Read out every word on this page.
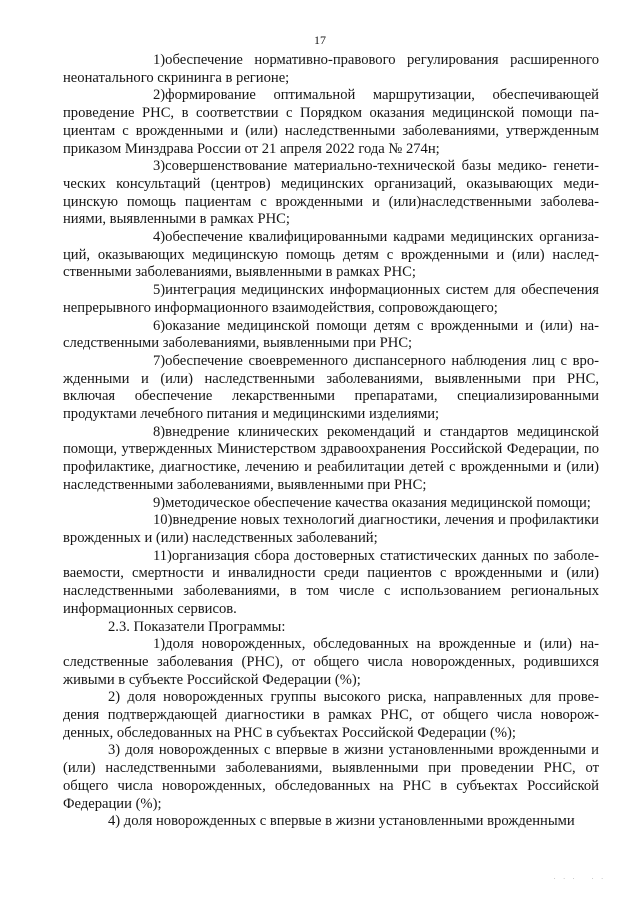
17

1)обеспечение нормативно-правового регулирования расширенного неонатального скрининга в регионе;

2)формирование оптимальной маршрутизации, обеспечивающей проведение РНС, в соответствии с Порядком оказания медицинской помощи пациентам с врожденными и (или) наследственными заболеваниями, утвержденным приказом Минздрава России от 21 апреля 2022 года № 274н;

3)совершенствование материально-технической базы медико- генетических консультаций (центров) медицинских организаций, оказывающих медицинскую помощь пациентам с врожденными и (или)наследственными заболеваниями, выявленными в рамках РНС;

4)обеспечение квалифицированными кадрами медицинских организаций, оказывающих медицинскую помощь детям с врожденными и (или) наследственными заболеваниями, выявленными в рамках РНС;

5)интеграция медицинских информационных систем для обеспечения непрерывного информационного взаимодействия, сопровождающего;

6)оказание медицинской помощи детям с врожденными и (или) наследственными заболеваниями, выявленными при РНС;

7)обеспечение своевременного диспансерного наблюдения лиц с врожденными и (или) наследственными заболеваниями, выявленными при РНС, включая обеспечение лекарственными препаратами, специализированными продуктами лечебного питания и медицинскими изделиями;

8)внедрение клинических рекомендаций и стандартов медицинской помощи, утвержденных Министерством здравоохранения Российской Федерации, по профилактике, диагностике, лечению и реабилитации детей с врожденными и (или) наследственными заболеваниями, выявленными при РНС;

9)методическое обеспечение качества оказания медицинской помощи;

10)внедрение новых технологий диагностики, лечения и профилактики врожденных и (или) наследственных заболеваний;

11)организация сбора достоверных статистических данных по заболеваемости, смертности и инвалидности среди пациентов с врожденными и (или) наследственными заболеваниями, в том числе с использованием региональных информационных сервисов.

2.3. Показатели Программы:

1)доля новорожденных, обследованных на врожденные и (или) наследственные заболевания (РНС), от общего числа новорожденных, родившихся живыми в субъекте Российской Федерации (%);

2) доля новорожденных группы высокого риска, направленных для проведения подтверждающей диагностики в рамках РНС, от общего числа новорожденных, обследованных на РНС в субъектах Российской Федерации (%);

3) доля новорожденных с впервые в жизни установленными врожденными и (или) наследственными заболеваниями, выявленными при проведении РНС, от общего числа новорожденных, обследованных на РНС в субъектах Российской Федерации (%);

4) доля новорожденных с впервые в жизни установленными врожденными

. . .   . .
